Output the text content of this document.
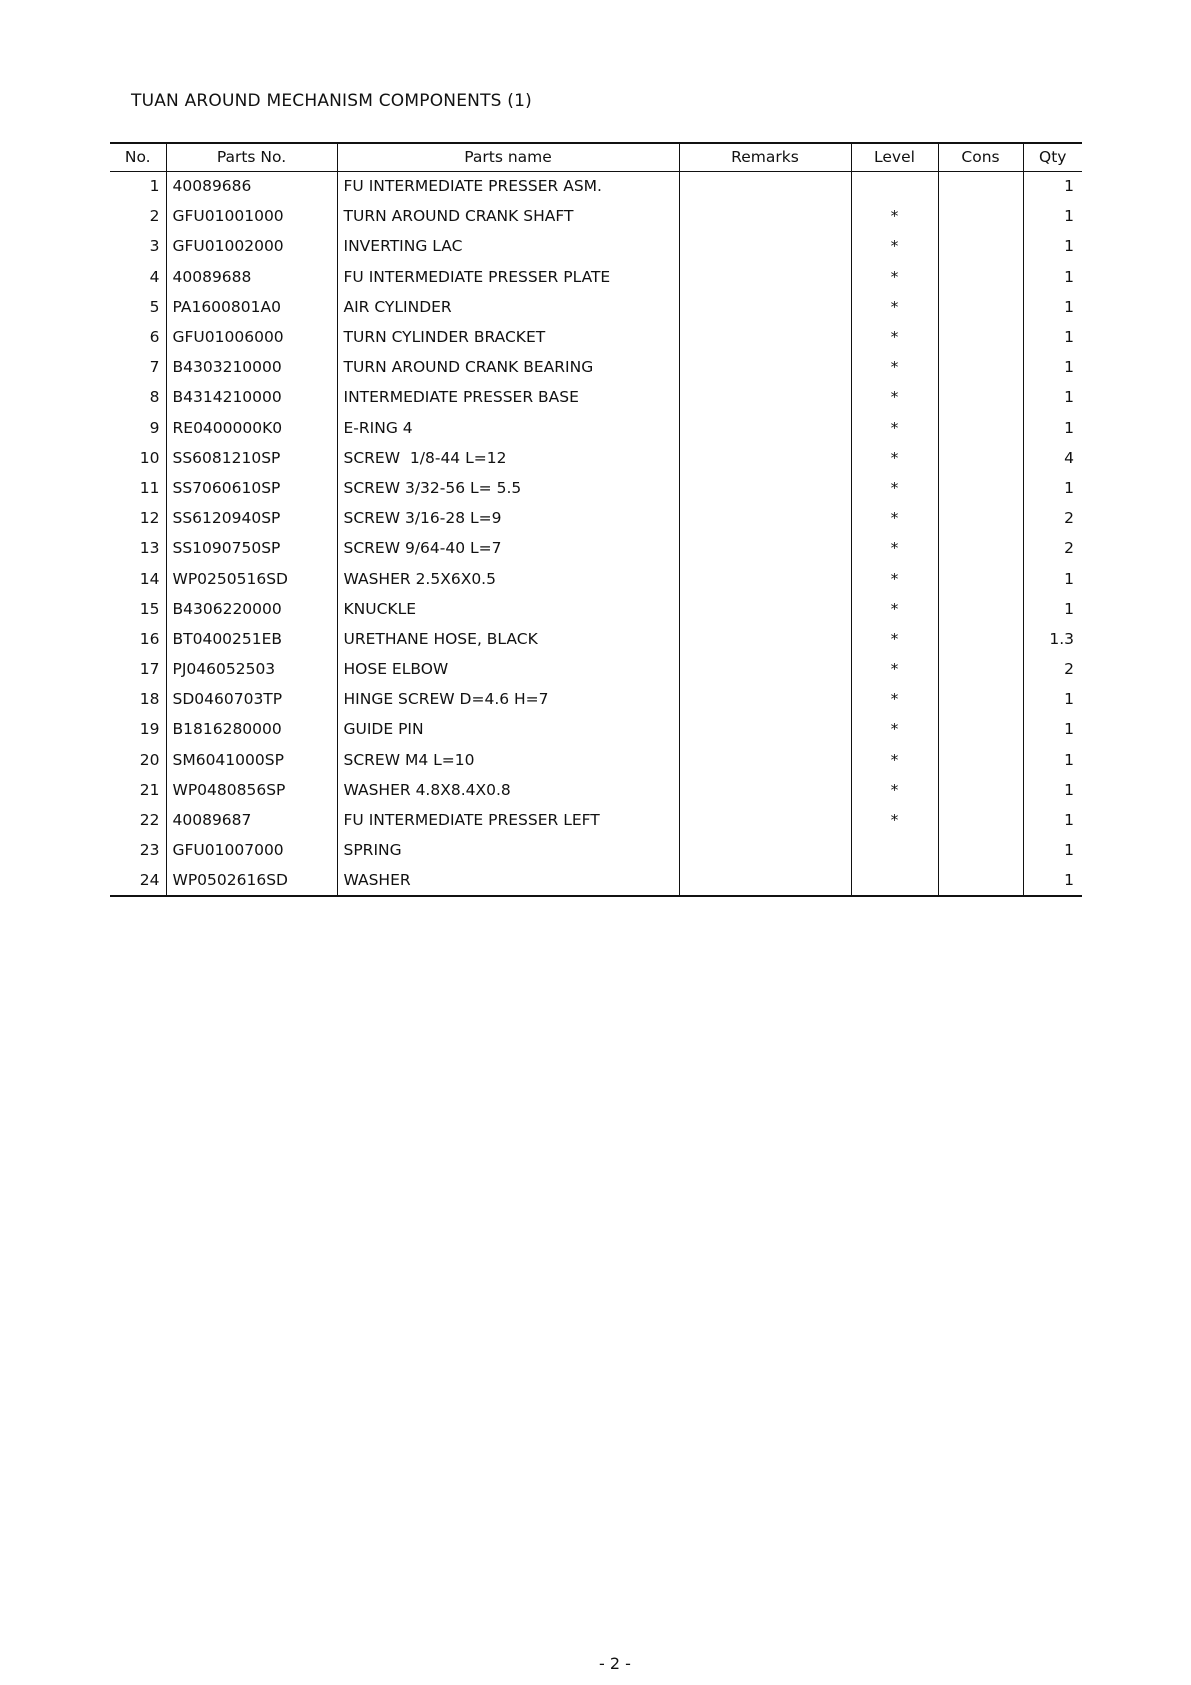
TUAN AROUND MECHANISM COMPONENTS (1)
No.	Parts No.	Parts name	Remarks	Level	Cons	Qty
1	40089686	FU INTERMEDIATE PRESSER ASM.				1
2	GFU01001000	TURN AROUND CRANK SHAFT		*		1
3	GFU01002000	INVERTING LAC		*		1
4	40089688	FU INTERMEDIATE PRESSER PLATE		*		1
5	PA1600801A0	AIR CYLINDER		*		1
6	GFU01006000	TURN CYLINDER BRACKET		*		1
7	B4303210000	TURN AROUND CRANK BEARING		*		1
8	B4314210000	INTERMEDIATE PRESSER BASE		*		1
9	RE0400000K0	E-RING 4		*		1
10	SS6081210SP	SCREW  1/8-44 L=12		*		4
11	SS7060610SP	SCREW 3/32-56 L= 5.5		*		1
12	SS6120940SP	SCREW 3/16-28 L=9		*		2
13	SS1090750SP	SCREW 9/64-40 L=7		*		2
14	WP0250516SD	WASHER 2.5X6X0.5		*		1
15	B4306220000	KNUCKLE		*		1
16	BT0400251EB	URETHANE HOSE, BLACK		*		1.3
17	PJ046052503	HOSE ELBOW		*		2
18	SD0460703TP	HINGE SCREW D=4.6 H=7		*		1
19	B1816280000	GUIDE PIN		*		1
20	SM6041000SP	SCREW M4 L=10		*		1
21	WP0480856SP	WASHER 4.8X8.4X0.8		*		1
22	40089687	FU INTERMEDIATE PRESSER LEFT		*		1
23	GFU01007000	SPRING				1
24	WP0502616SD	WASHER				1
- 2 -
